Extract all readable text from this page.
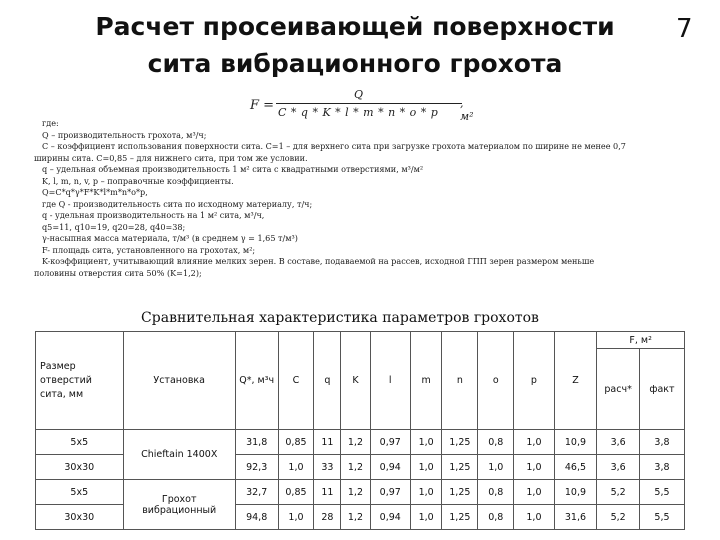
Расчет просеивающей поверхности сита вибрационного грохота
7
F =
Q
C * q * K * l * m * n * o * p
, м²
где:
Q – производительность грохота, м³/ч;
С – коэффициент использования поверхности сита. С=1 – для верхнего сита при загрузке грохота материалом по ширине не менее 0,7
ширины сита. С=0,85 – для нижнего сита, при том же условии.
q – удельная объемная производительность 1 м² сита с квадратными отверстиями, м³/м²
K, l, m, n, v, p – поправочные коэффициенты.
Q=C*q*γ*F*K*l*m*n*o*p,
где Q - производительность сита по исходному материалу, т/ч;
q - удельная производительность на 1 м² сита, м³/ч,
q5=11, q10=19, q20=28, q40=38;
γ-насыпная масса материала, т/м³ (в среднем γ = 1,65 т/м³)
F- площадь сита, установленного на грохотах, м²;
K-коэффициент, учитывающий влияние мелких зерен. В составе, подаваемой на рассев, исходной ГПП зерен размером меньше
половины отверстия сита 50% (K=1,2);
Сравнительная характеристика параметров грохотов
Размер отверстий сита, мм	Установка	Q*, м³ч	C	q	K	l	m	n	o	p	Z	F, м²	
												расч*	факт
5х5	Chieftain 1400X	31,8	0,85	11	1,2	0,97	1,0	1,25	0,8	1,0	10,9	3,6	3,8
30х30		92,3	1,0	33	1,2	0,94	1,0	1,25	1,0	1,0	46,5	3,6	3,8
5х5	Грохот вибрационный	32,7	0,85	11	1,2	0,97	1,0	1,25	0,8	1,0	10,9	5,2	5,5
30х30		94,8	1,0	28	1,2	0,94	1,0	1,25	0,8	1,0	31,6	5,2	5,5
